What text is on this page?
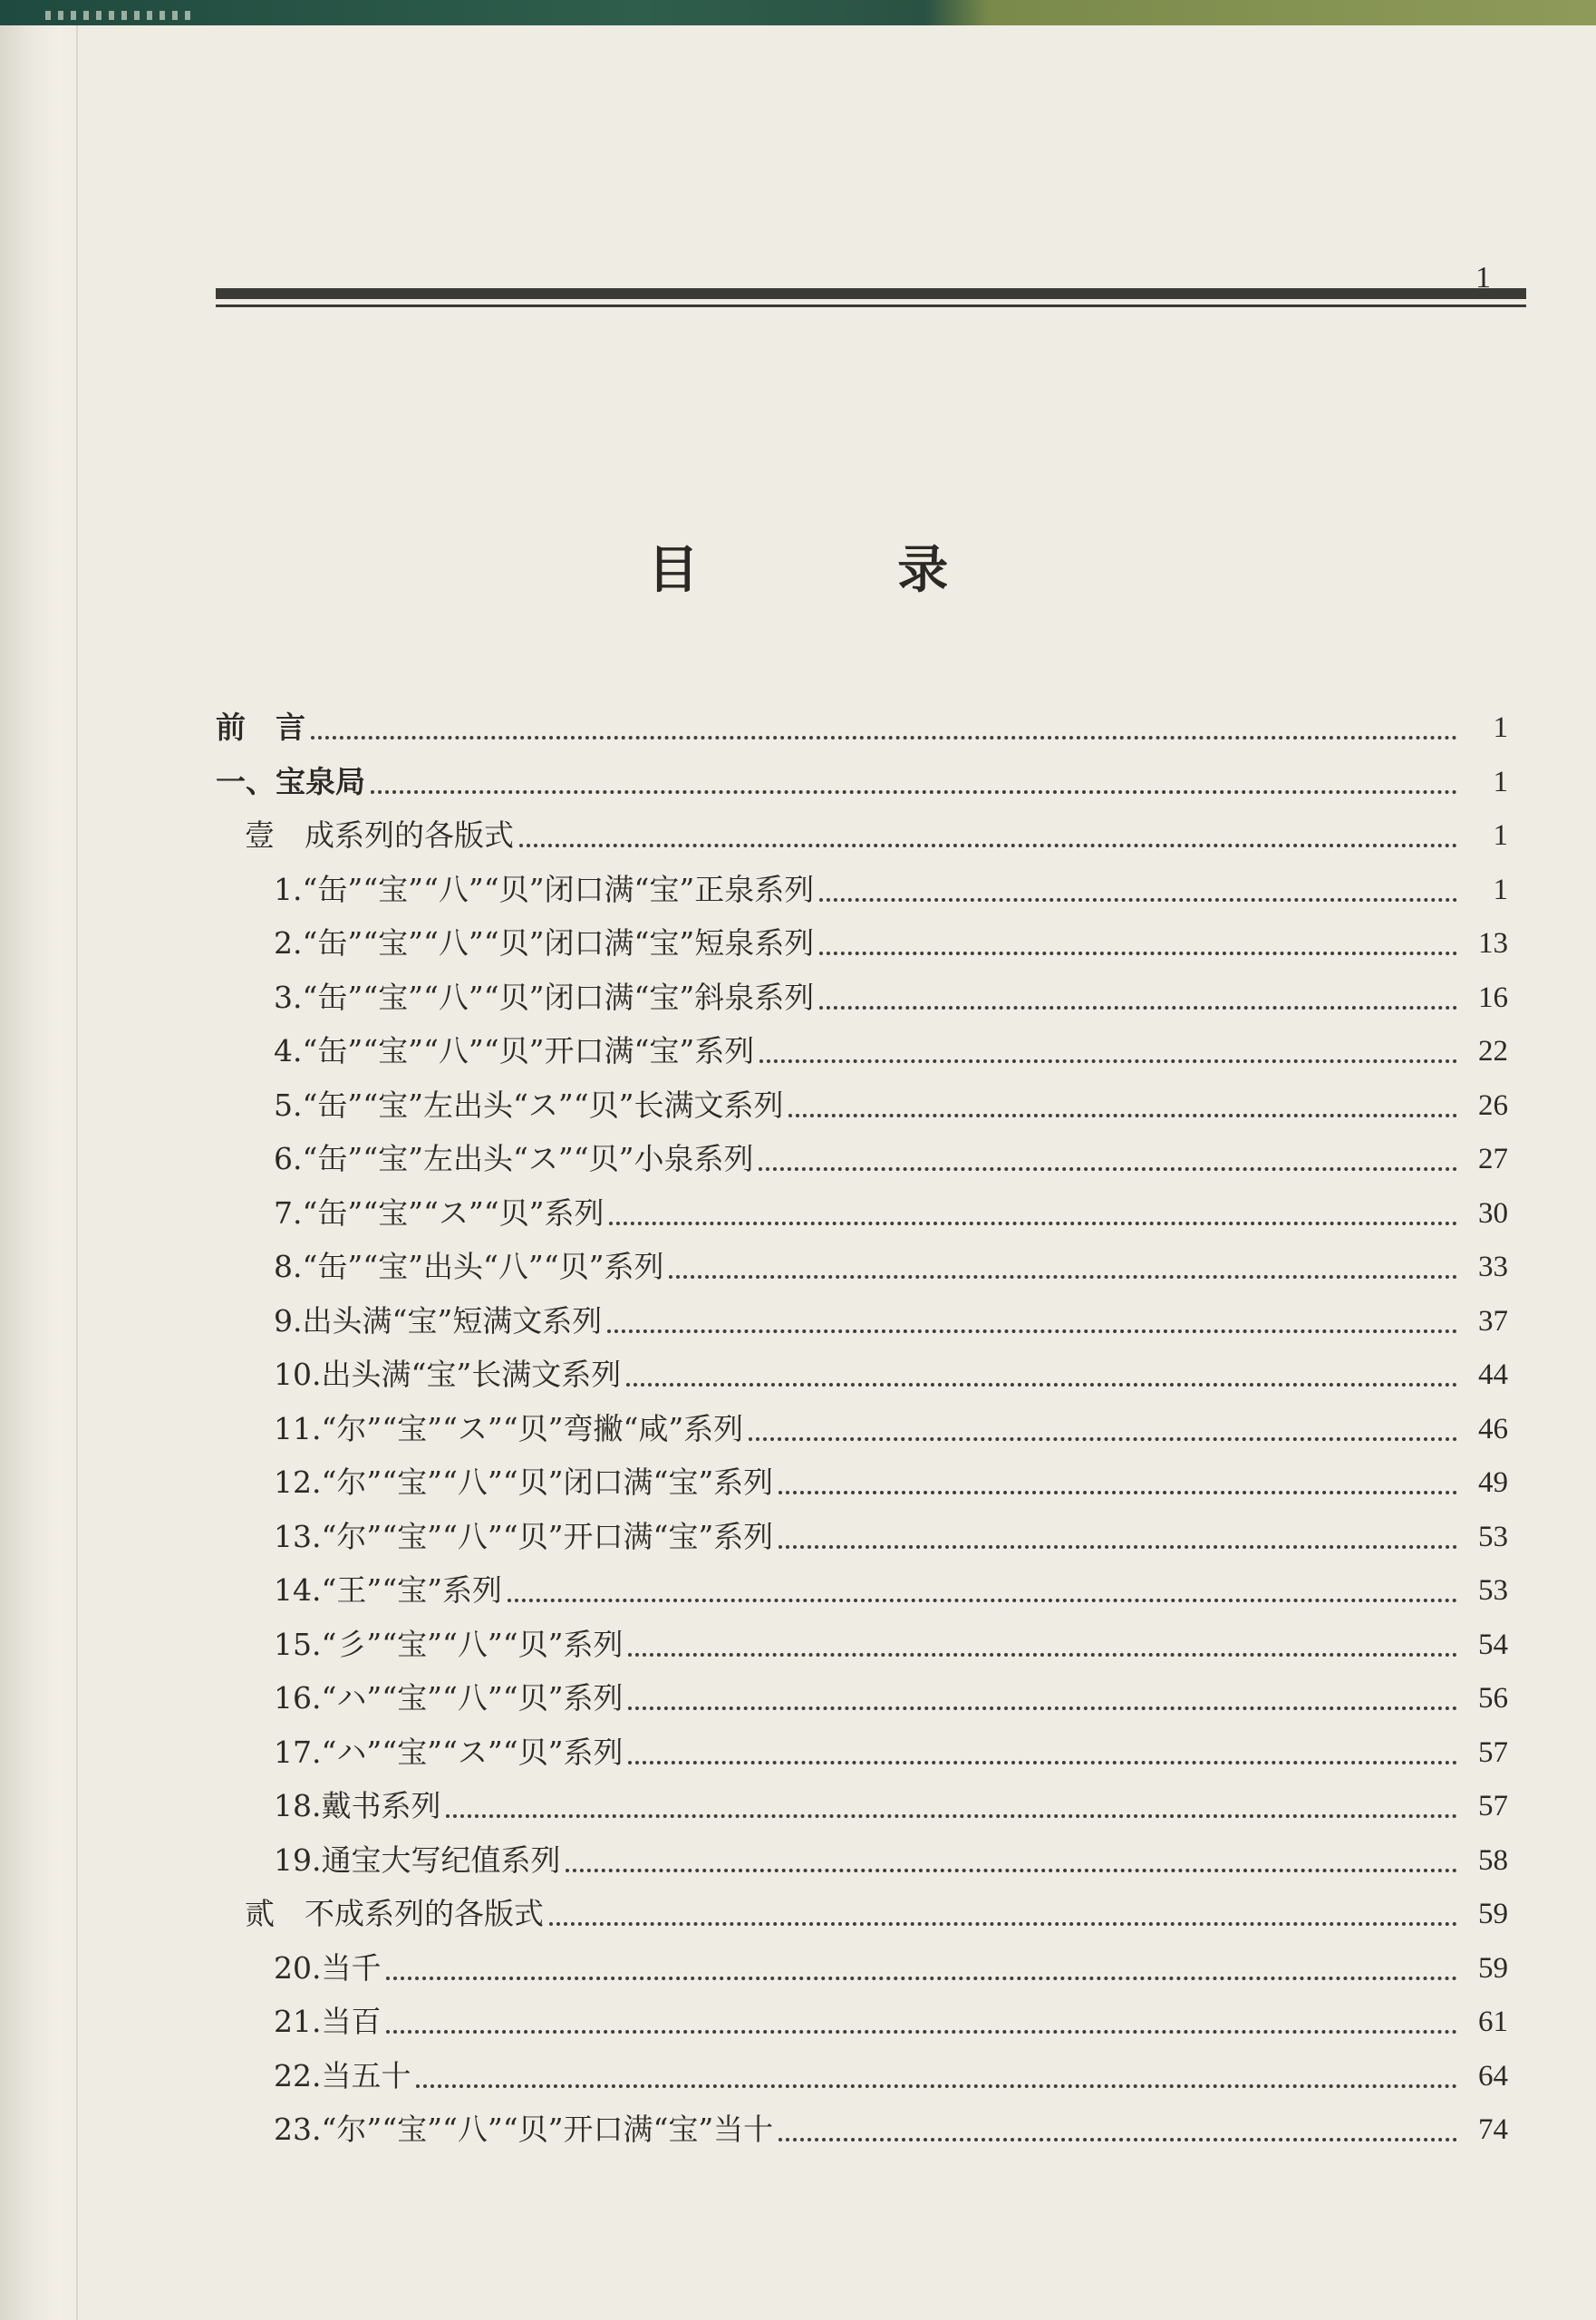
1
目 录
前　言	1
一、宝泉局	1
壹　成系列的各版式	1
1.“缶”“宝”“八”“贝”闭口满“宝”正泉系列	1
2.“缶”“宝”“八”“贝”闭口满“宝”短泉系列	13
3.“缶”“宝”“八”“贝”闭口满“宝”斜泉系列	16
4.“缶”“宝”“八”“贝”开口满“宝”系列	22
5.“缶”“宝”左出头“ス”“贝”长满文系列	26
6.“缶”“宝”左出头“ス”“贝”小泉系列	27
7.“缶”“宝”“ス”“贝”系列	30
8.“缶”“宝”出头“八”“贝”系列	33
9.出头满“宝”短满文系列	37
10.出头满“宝”长满文系列	44
11.“尔”“宝”“ス”“贝”弯撇“咸”系列	46
12.“尔”“宝”“八”“贝”闭口满“宝”系列	49
13.“尔”“宝”“八”“贝”开口满“宝”系列	53
14.“王”“宝”系列	53
15.“彡”“宝”“八”“贝”系列	54
16.“ハ”“宝”“八”“贝”系列	56
17.“ハ”“宝”“ス”“贝”系列	57
18.戴书系列	57
19.通宝大写纪值系列	58
贰　不成系列的各版式	59
20.当千	59
21.当百	61
22.当五十	64
23.“尔”“宝”“八”“贝”开口满“宝”当十	74
